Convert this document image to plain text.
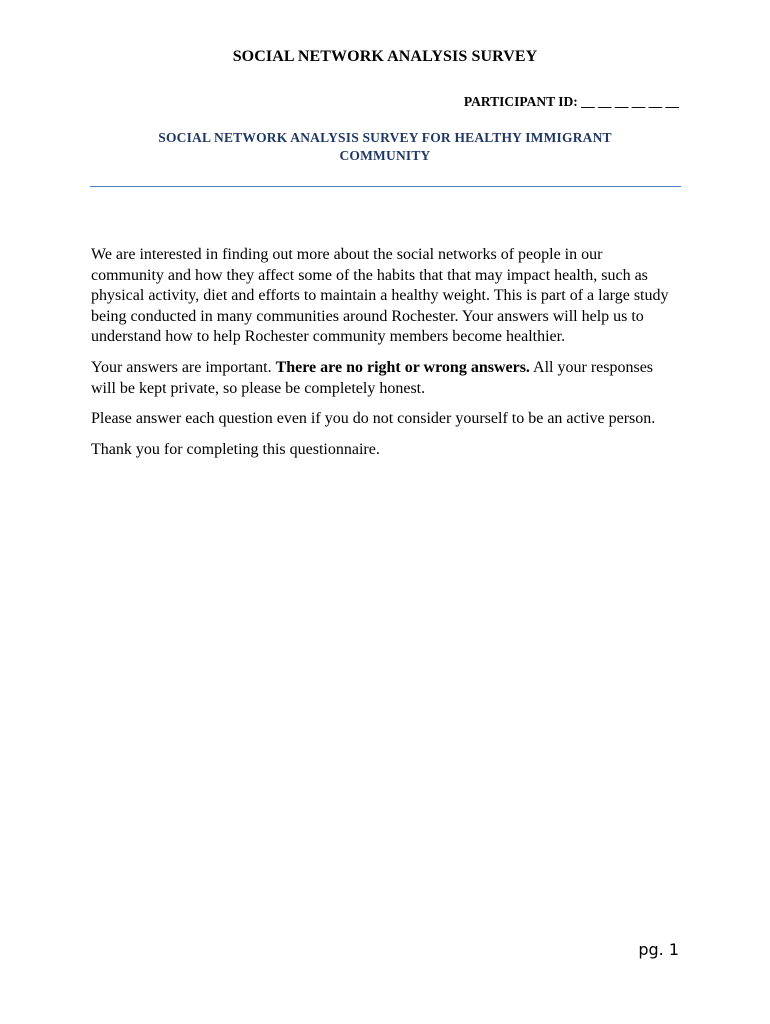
SOCIAL NETWORK ANALYSIS SURVEY
PARTICIPANT ID: __ __ __ __ __ __
SOCIAL NETWORK ANALYSIS SURVEY FOR HEALTHY IMMIGRANT
COMMUNITY

We are interested in finding out more about the social networks of people in our community and how they affect some of the habits that that may impact health, such as physical activity, diet and efforts to maintain a healthy weight. This is part of a large study being conducted in many communities around Rochester. Your answers will help us to understand how to help Rochester community members become healthier.

Your answers are important. There are no right or wrong answers. All your responses will be kept private, so please be completely honest.

Please answer each question even if you do not consider yourself to be an active person.

Thank you for completing this questionnaire.

pg. 1
